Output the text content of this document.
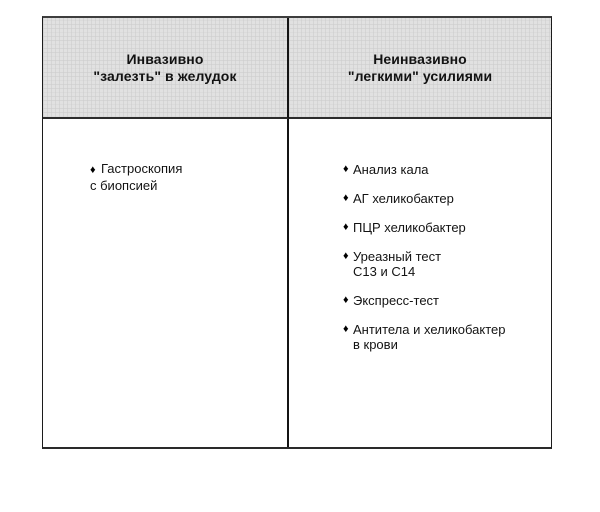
Инвазивно
"залезть" в желудок
Неинвазивно
"легкими" усилиями
♦ Гастроскопия
с биопсией
♦ Анализ кала
♦ АГ хеликобактер
♦ ПЦР хеликобактер
♦ Уреазный тест
С13 и С14
♦ Экспресс-тест
♦ Антитела и хеликобактер
в крови
